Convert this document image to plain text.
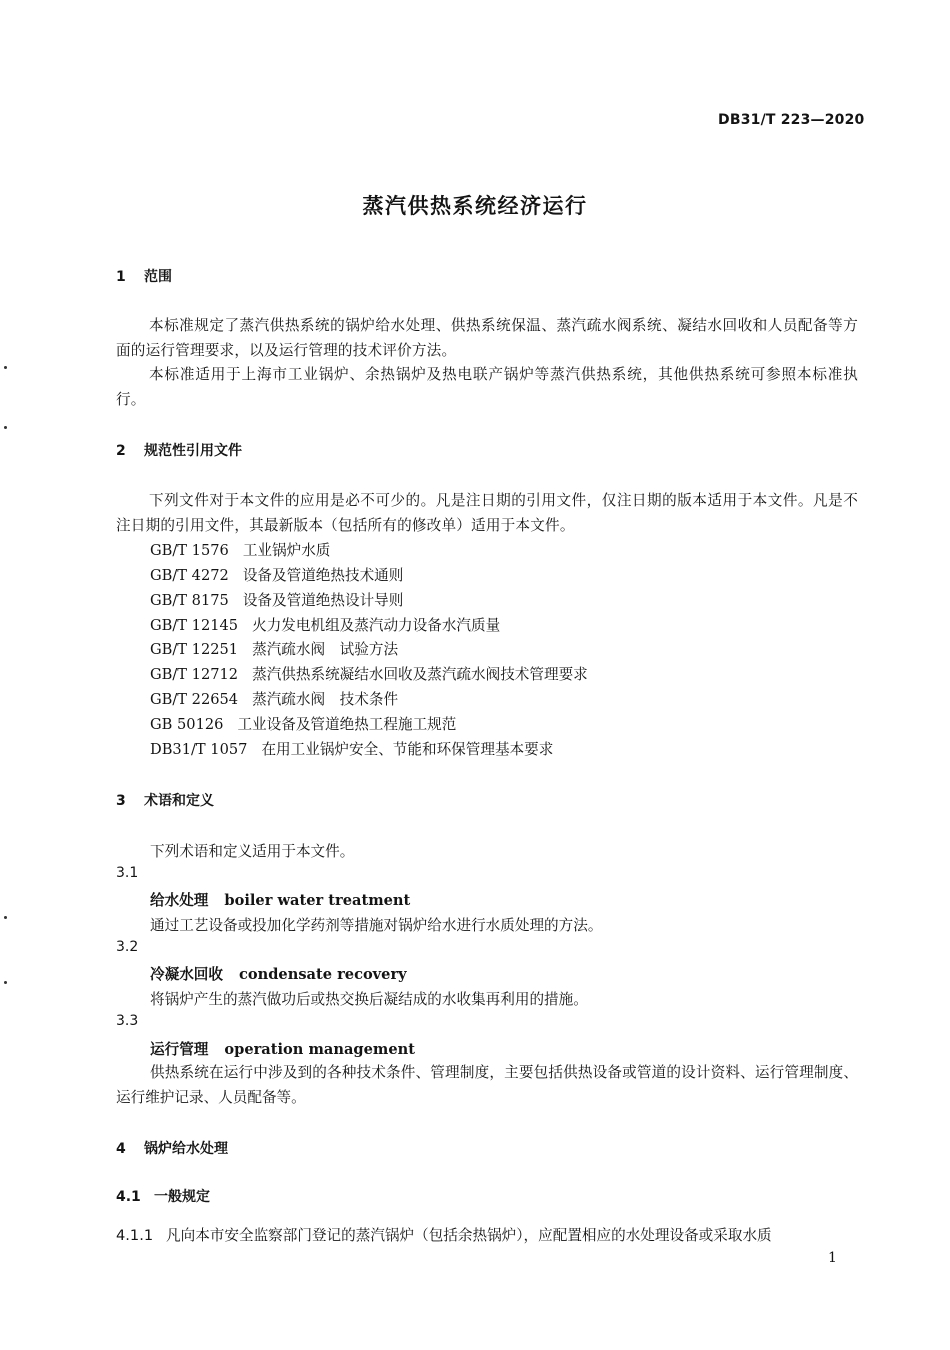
DB31/T 223—2020
蒸汽供热系统经济运行
1 范围
本标准规定了蒸汽供热系统的锅炉给水处理、供热系统保温、蒸汽疏水阀系统、凝结水回收和人员配备等方面的运行管理要求，以及运行管理的技术评价方法。
本标准适用于上海市工业锅炉、余热锅炉及热电联产锅炉等蒸汽供热系统，其他供热系统可参照本标准执行。
2 规范性引用文件
下列文件对于本文件的应用是必不可少的。凡是注日期的引用文件，仅注日期的版本适用于本文件。凡是不注日期的引用文件，其最新版本（包括所有的修改单）适用于本文件。
GB/T 1576 工业锅炉水质
GB/T 4272 设备及管道绝热技术通则
GB/T 8175 设备及管道绝热设计导则
GB/T 12145 火力发电机组及蒸汽动力设备水汽质量
GB/T 12251 蒸汽疏水阀　试验方法
GB/T 12712 蒸汽供热系统凝结水回收及蒸汽疏水阀技术管理要求
GB/T 22654 蒸汽疏水阀　技术条件
GB 50126 工业设备及管道绝热工程施工规范
DB31/T 1057 在用工业锅炉安全、节能和环保管理基本要求
3 术语和定义
下列术语和定义适用于本文件。
3.1
给水处理 boiler water treatment
通过工艺设备或投加化学药剂等措施对锅炉给水进行水质处理的方法。
3.2
冷凝水回收 condensate recovery
将锅炉产生的蒸汽做功后或热交换后凝结成的水收集再利用的措施。
3.3
运行管理 operation management
供热系统在运行中涉及到的各种技术条件、管理制度，主要包括供热设备或管道的设计资料、运行管理制度、运行维护记录、人员配备等。
4 锅炉给水处理
4.1 一般规定
4.1.1 凡向本市安全监察部门登记的蒸汽锅炉（包括余热锅炉），应配置相应的水处理设备或采取水质
1
